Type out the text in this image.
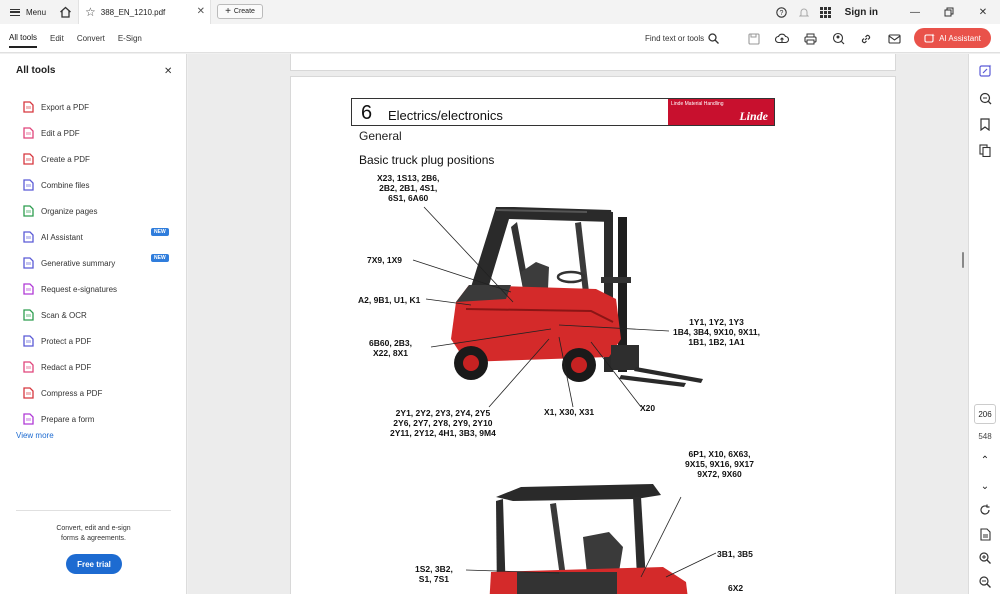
Menu	☆ 388_EN_1210.pdf	✕ + Create	?	Sign in	—	✕
All tools Edit Convert E-Sign	Find text or tools	AI Assistant
All tools	✕
Export a PDF
Edit a PDF
Create a PDF
Combine files
Organize pages
AI Assistant
NEW
Generative summary
NEW
Request e-signatures
Scan & OCR
Protect a PDF
Redact a PDF
Compress a PDF
Prepare a form
View more
Convert, edit and e-sign
forms & agreements.
Free trial
6 Electrics/electronics
Linde Material Handling
Linde
General
Basic truck plug positions
X23, 1S13, 2B6,
2B2, 2B1, 4S1,
6S1, 6A60
7X9, 1X9
A2, 9B1, U1, K1
6B60, 2B3,
X22, 8X1
1Y1, 1Y2, 1Y3
1B4, 3B4, 9X10, 9X11,
1B1, 1B2, 1A1
2Y1, 2Y2, 2Y3, 2Y4, 2Y5
2Y6, 2Y7, 2Y8, 2Y9, 2Y10
2Y11, 2Y12, 4H1, 3B3, 9M4
X1, X30, X31	X20
6P1, X10, 6X63,
9X15, 9X16, 9X17
9X72, 9X60
3B1, 3B5
1S2, 3B2,
S1, 7S1
6X2
206
548
⌃
⌄
